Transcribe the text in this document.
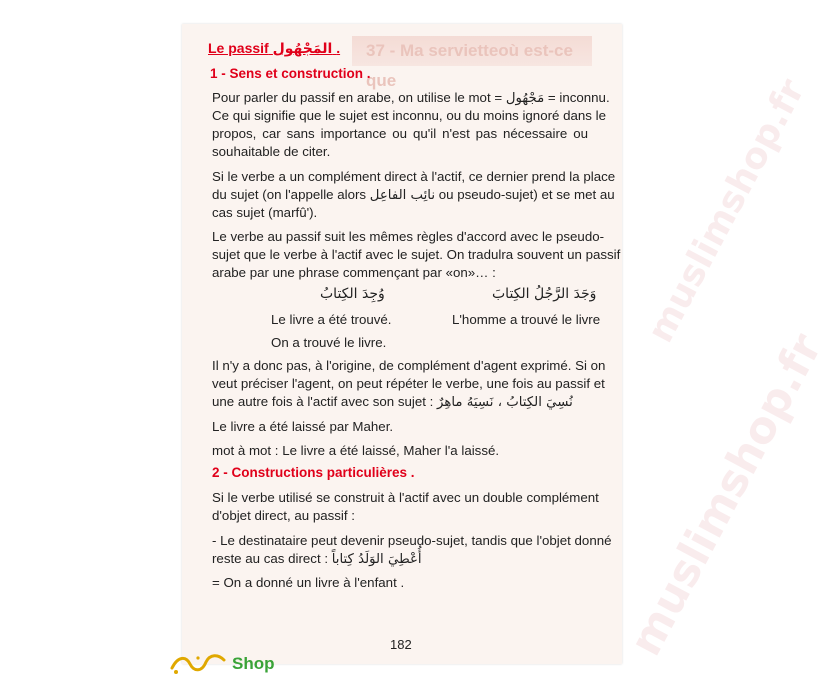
37 - Ma servietteoù est-ce que
muslimshop.fr
muslimshop.fr
Le passif المَجْهُول .
1 - Sens et construction .
Pour parler du passif en arabe, on utilise le mot = مَجْهُول = inconnu.
Ce qui signifie que le sujet est inconnu, ou du moins ignoré dans le
propos, car sans importance ou qu'il n'est pas nécessaire ou
souhaitable de citer.
Si le verbe a un complément direct à l'actif, ce dernier prend la place
du sujet (on l'appelle alors نائِب الفاعِل ou pseudo-sujet) et se met au
cas sujet (marfû').
Le verbe au passif suit les mêmes règles d'accord avec le pseudo-
sujet que le verbe à l'actif avec le sujet. On tradulra souvent un passif
arabe par une phrase commençant par «on»… :
وُجِدَ الكِتابُ	وَجَدَ الرَّجُلُ الكِتابَ
Le livre a été trouvé.	L'homme a trouvé le livre
On a trouvé le livre.
Il n'y a donc pas, à l'origine, de complément d'agent exprimé. Si on
veut préciser l'agent, on peut répéter le verbe, une fois au passif et
une autre fois à l'actif avec son sujet : نُسِيَ الكِتابُ ، نَسِيَهُ ماهِرٌ
Le livre a été laissé par Maher.
mot à mot : Le livre a été laissé, Maher l'a laissé.
2 - Constructions particulières .
Si le verbe utilisé se construit à l'actif avec un double complément
d'objet direct, au passif :
- Le destinataire peut devenir pseudo-sujet, tandis que l'objet donné
reste au cas direct : أُعْطِيَ الوَلَدُ كِتاباً
= On a donné un livre à l'enfant .
182
Shop
